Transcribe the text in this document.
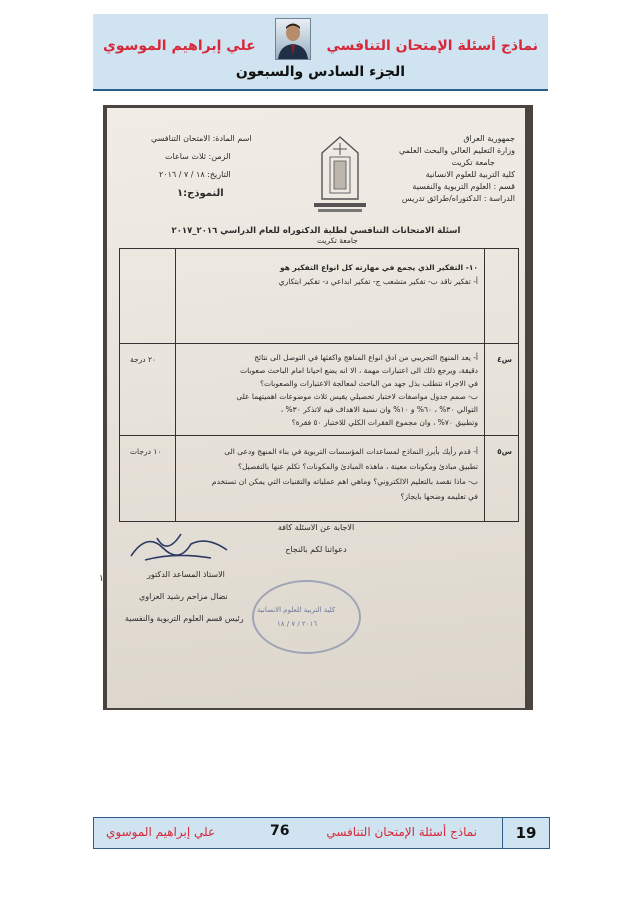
نماذج أسئلة الإمتحان التنافسي
علي إبراهيم الموسوي
الجزء السادس والسبعون
جمهورية العراق
وزارة التعليم العالي والبحث العلمي
جامعة تكريت
كلية التربية للعلوم الانسانية
قسم : العلوم التربوية والنفسية
الدراسة : الدكتوراه/طرائق تدريس
جامعة تكريت
اسم المادة: الامتحان التنافسي
الزمن: ثلاث ساعات
التاريخ: ١٨ / ٧ / ٢٠١٦
النموذج:١
اسئلة الامتحانات التنافسي لطلبة الدكتوراه للعام الدراسي ٢٠١٦_٢٠١٧
١٠- التفكير الذي يجمع في مهارته كل انواع التفكير هو
أ- تفكير ناقد ب- تفكير متشعب ج- تفكير ابداعي د- تفكير ابتكاري
س٤
٢٠ درجة	أ- يعد المنهج التجريبي من ادق انواع المناهج واكفئها في التوصل الى نتائج
دقيقة، ويرجع ذلك الى اعتبارات مهمة ، الا انه يضع احيانا امام الباحث صعوبات
في الاجراء تتطلب بذل جهد من الباحث لمعالجة الاعتبارات والصعوبات؟
ب- صمم جدول مواصفات لاختبار تحصيلي يقيس ثلاث موضوعات اهميتهما على
التوالي ٣٠% ، ٦٠% و ١٠% وان نسبة الاهداف فيه لاتذكر ٣٠% ،
وتطبيق ٧٠% ، وان مجموع الفقرات الكلي للاختبار ٥٠ فقرة؟
س٥
١٠ درجات	أ- قدم رأيك بأبرز النماذج لمساعدات المؤسسات التربوية في بناء المنهج ودعى الى
تطبيق مبادئ ومكونات معينة ، ماهذه المبادئ والمكونات؟ تكلم عنها بالتفصيل؟
ب- ماذا نقصد بالتعليم الالكتروني؟ وماهي اهم عملياته والتقنيات التي يمكن ان تستخدم
في تعليمه وضحها بايجاز؟
الاجابة عن الاسئلة كافة
دعواتنا لكم بالنجاح
الاستاذ المساعد الدكتور
نضال مزاحم رشيد العزاوي
رئيس قسم العلوم التربوية والنفسية
كلية التربية للعلوم الانسانية
٢٠١٦ / ٧ / ١٨
١
19
نماذج أسئلة الإمتحان التنافسي
76
علي إبراهيم الموسوي
